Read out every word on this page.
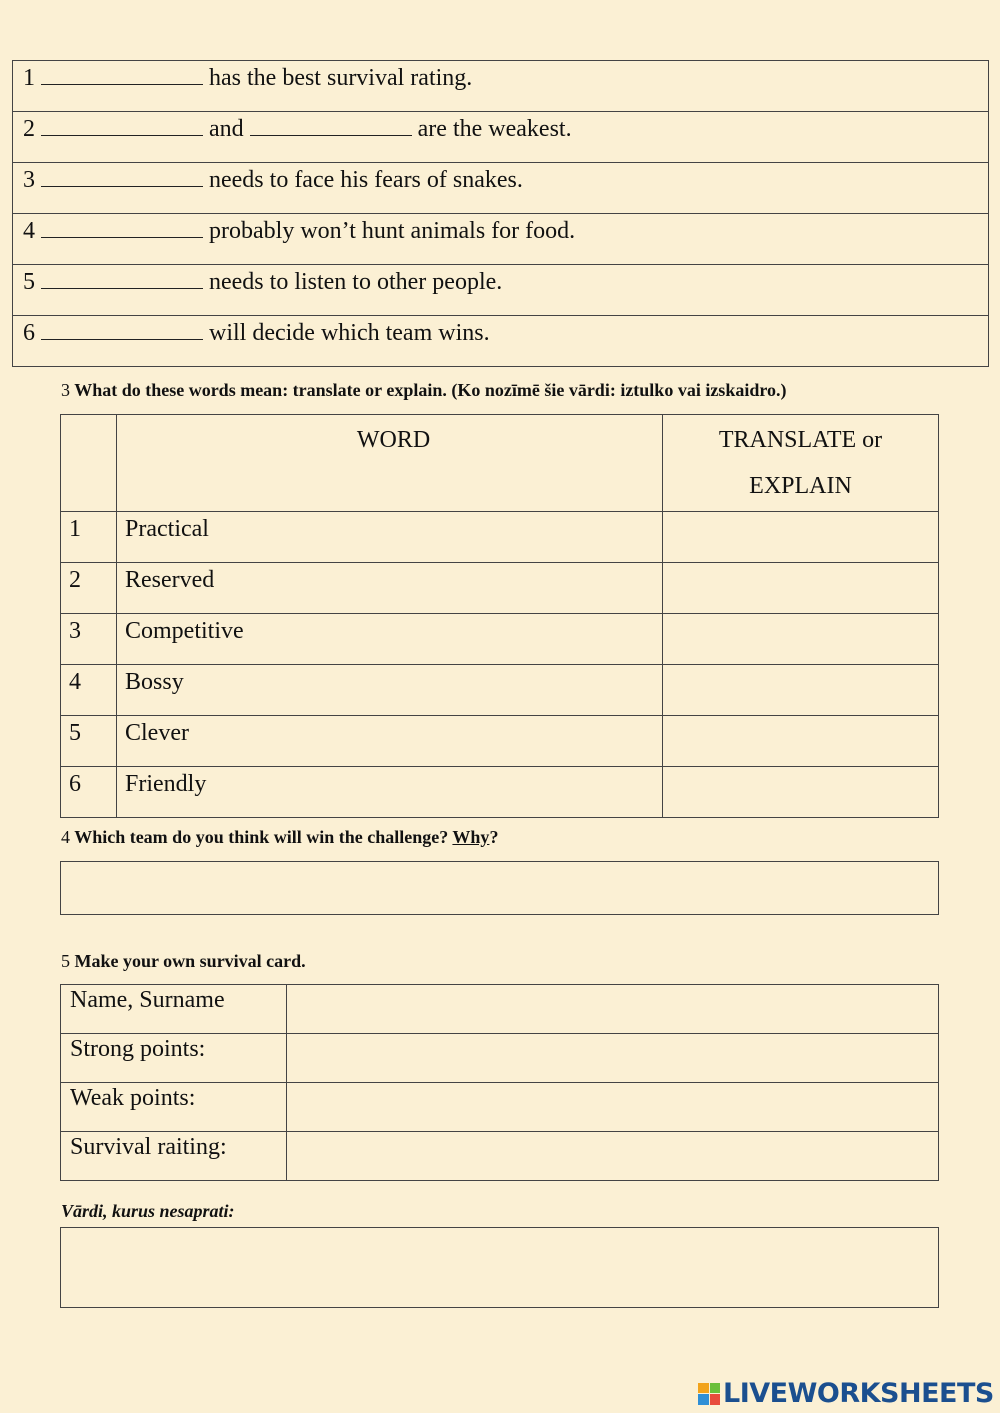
1	has the best survival rating.
2	and	are the weakest.
3	needs to face his fears of snakes.
4	probably won’t hunt animals for food.
5	needs to listen to other people.
6	will decide which team wins.
3 What do these words mean: translate or explain. (Ko nozīmē šie vārdi: iztulko vai izskaidro.)
	WORD	TRANSLATE or
EXPLAIN
1	Practical	
2	Reserved	
3	Competitive	
4	Bossy	
5	Clever	
6	Friendly	
4 Which team do you think will win the challenge? Why?
5 Make your own survival card.
Name, Surname	
Strong points:	
Weak points:	
Survival raiting:	
Vārdi, kurus nesaprati:
LIVEWORKSHEETS
